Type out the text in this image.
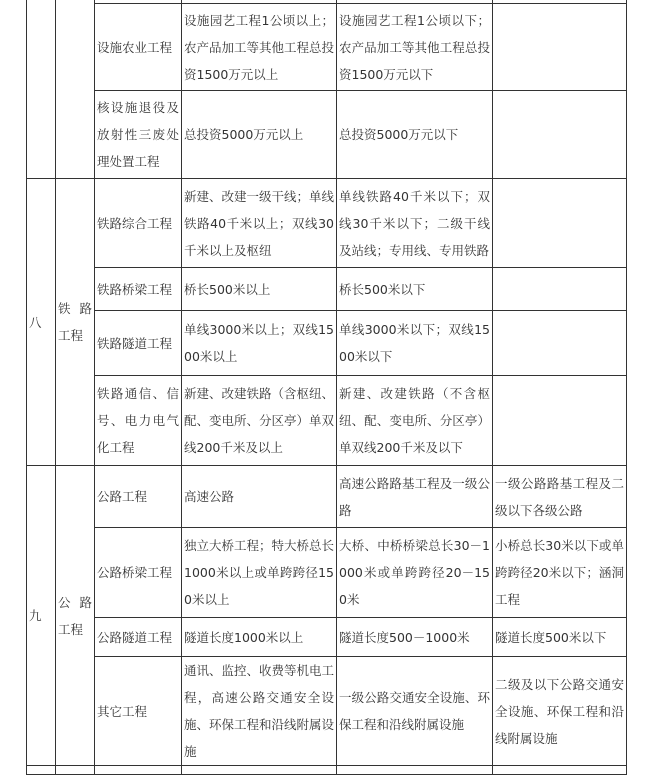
		设施农业工程	设施园艺工程1公顷以上；农产品加工等其他工程总投资1500万元以上	设施园艺工程1公顷以下；农产品加工等其他工程总投资1500万元以下	
		核设施退役及放射性三废处理处置工程	总投资5000万元以上	总投资5000万元以下	
八	铁路工程	铁路综合工程	新建、改建一级干线；单线铁路40千米以上；双线30千米以上及枢纽	单线铁路40千米以下；双线30千米以下；二级干线及站线；专用线、专用铁路	
		铁路桥梁工程	桥长500米以上	桥长500米以下	
		铁路隧道工程	单线3000米以上；双线1500米以上	单线3000米以下；双线1500米以下	
		铁路通信、信号、电力电气化工程	新建、改建铁路（含枢纽、配、变电所、分区亭）单双线200千米及以上	新建、改建铁路（不含枢纽、配、变电所、分区亭）单双线200千米及以下	
九	公路工程	公路工程	高速公路	高速公路路基工程及一级公路	一级公路路基工程及二级以下各级公路
		公路桥梁工程	独立大桥工程；特大桥总长1000米以上或单跨跨径150米以上	大桥、中桥桥梁总长30－1000米或单跨跨径20－150米	小桥总长30米以下或单跨跨径20米以下；涵洞工程
		公路隧道工程	隧道长度1000米以上	隧道长度500－1000米	隧道长度500米以下
		其它工程	通讯、监控、收费等机电工程，高速公路交通安全设施、环保工程和沿线附属设施	一级公路交通安全设施、环保工程和沿线附属设施	二级及以下公路交通安全设施、环保工程和沿线附属设施
